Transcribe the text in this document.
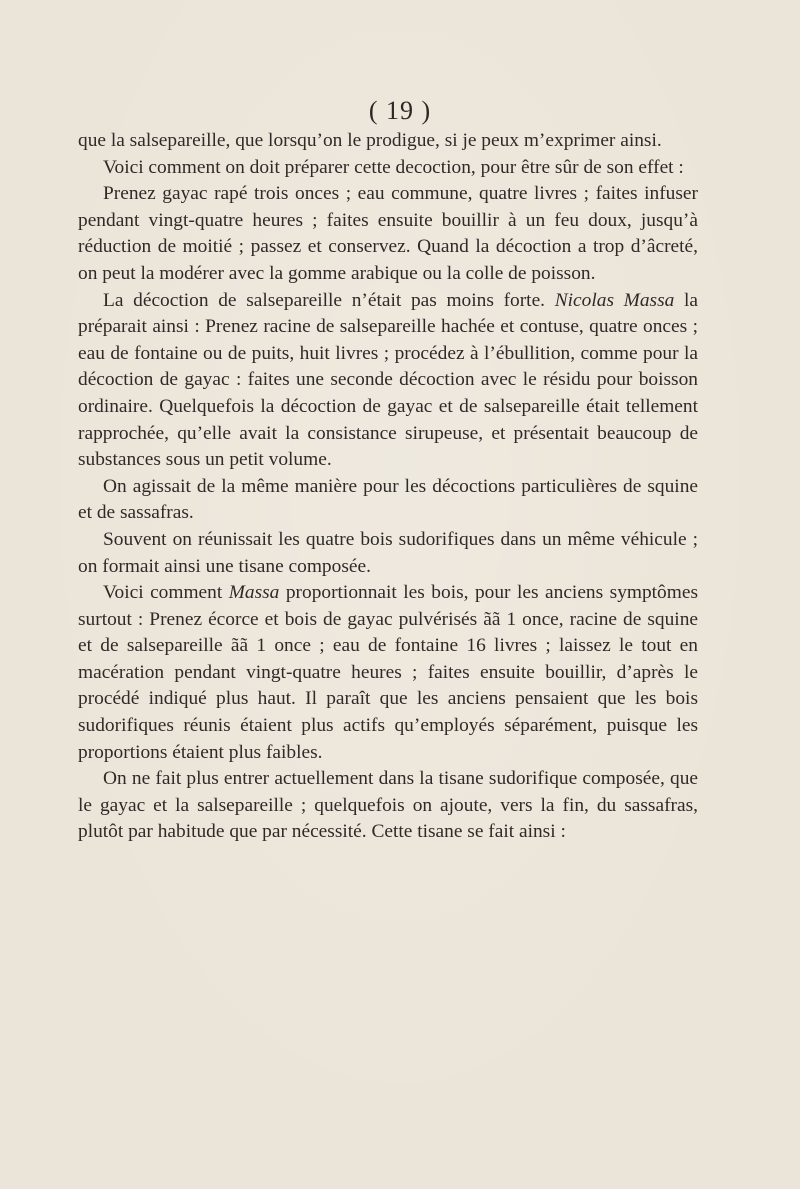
( 19 )

que la salsepareille, que lorsqu’on le prodigue, si je peux m’exprimer ainsi.

Voici comment on doit préparer cette decoction, pour être sûr de son effet :

Prenez gayac rapé trois onces ; eau commune, quatre livres ; faites infuser pendant vingt-quatre heures ; faites ensuite bouillir à un feu doux, jusqu’à réduction de moitié ; passez et conservez. Quand la décoction a trop d’âcreté, on peut la modérer avec la gomme arabique ou la colle de poisson.

La décoction de salsepareille n’était pas moins forte. Nicolas Massa la préparait ainsi : Prenez racine de salsepareille hachée et contuse, quatre onces ; eau de fontaine ou de puits, huit livres ; procédez à l’ébullition, comme pour la décoction de gayac : faites une seconde décoction avec le résidu pour boisson ordinaire. Quelquefois la décoction de gayac et de salsepareille était tellement rapprochée, qu’elle avait la consistance sirupeuse, et présentait beaucoup de substances sous un petit volume.

On agissait de la même manière pour les décoctions particulières de squine et de sassafras.

Souvent on réunissait les quatre bois sudorifiques dans un même véhicule ; on formait ainsi une tisane composée.

Voici comment Massa proportionnait les bois, pour les anciens symptômes surtout : Prenez écorce et bois de gayac pulvérisés ãã 1 once, racine de squine et de salsepareille ãã 1 once ; eau de fontaine 16 livres ; laissez le tout en macération pendant vingt-quatre heures ; faites ensuite bouillir, d’après le procédé indiqué plus haut. Il paraît que les anciens pensaient que les bois sudorifiques réunis étaient plus actifs qu’employés séparément, puisque les proportions étaient plus faibles.

On ne fait plus entrer actuellement dans la tisane sudorifique composée, que le gayac et la salsepareille ; quelquefois on ajoute, vers la fin, du sassafras, plutôt par habitude que par nécessité. Cette tisane se fait ainsi :
